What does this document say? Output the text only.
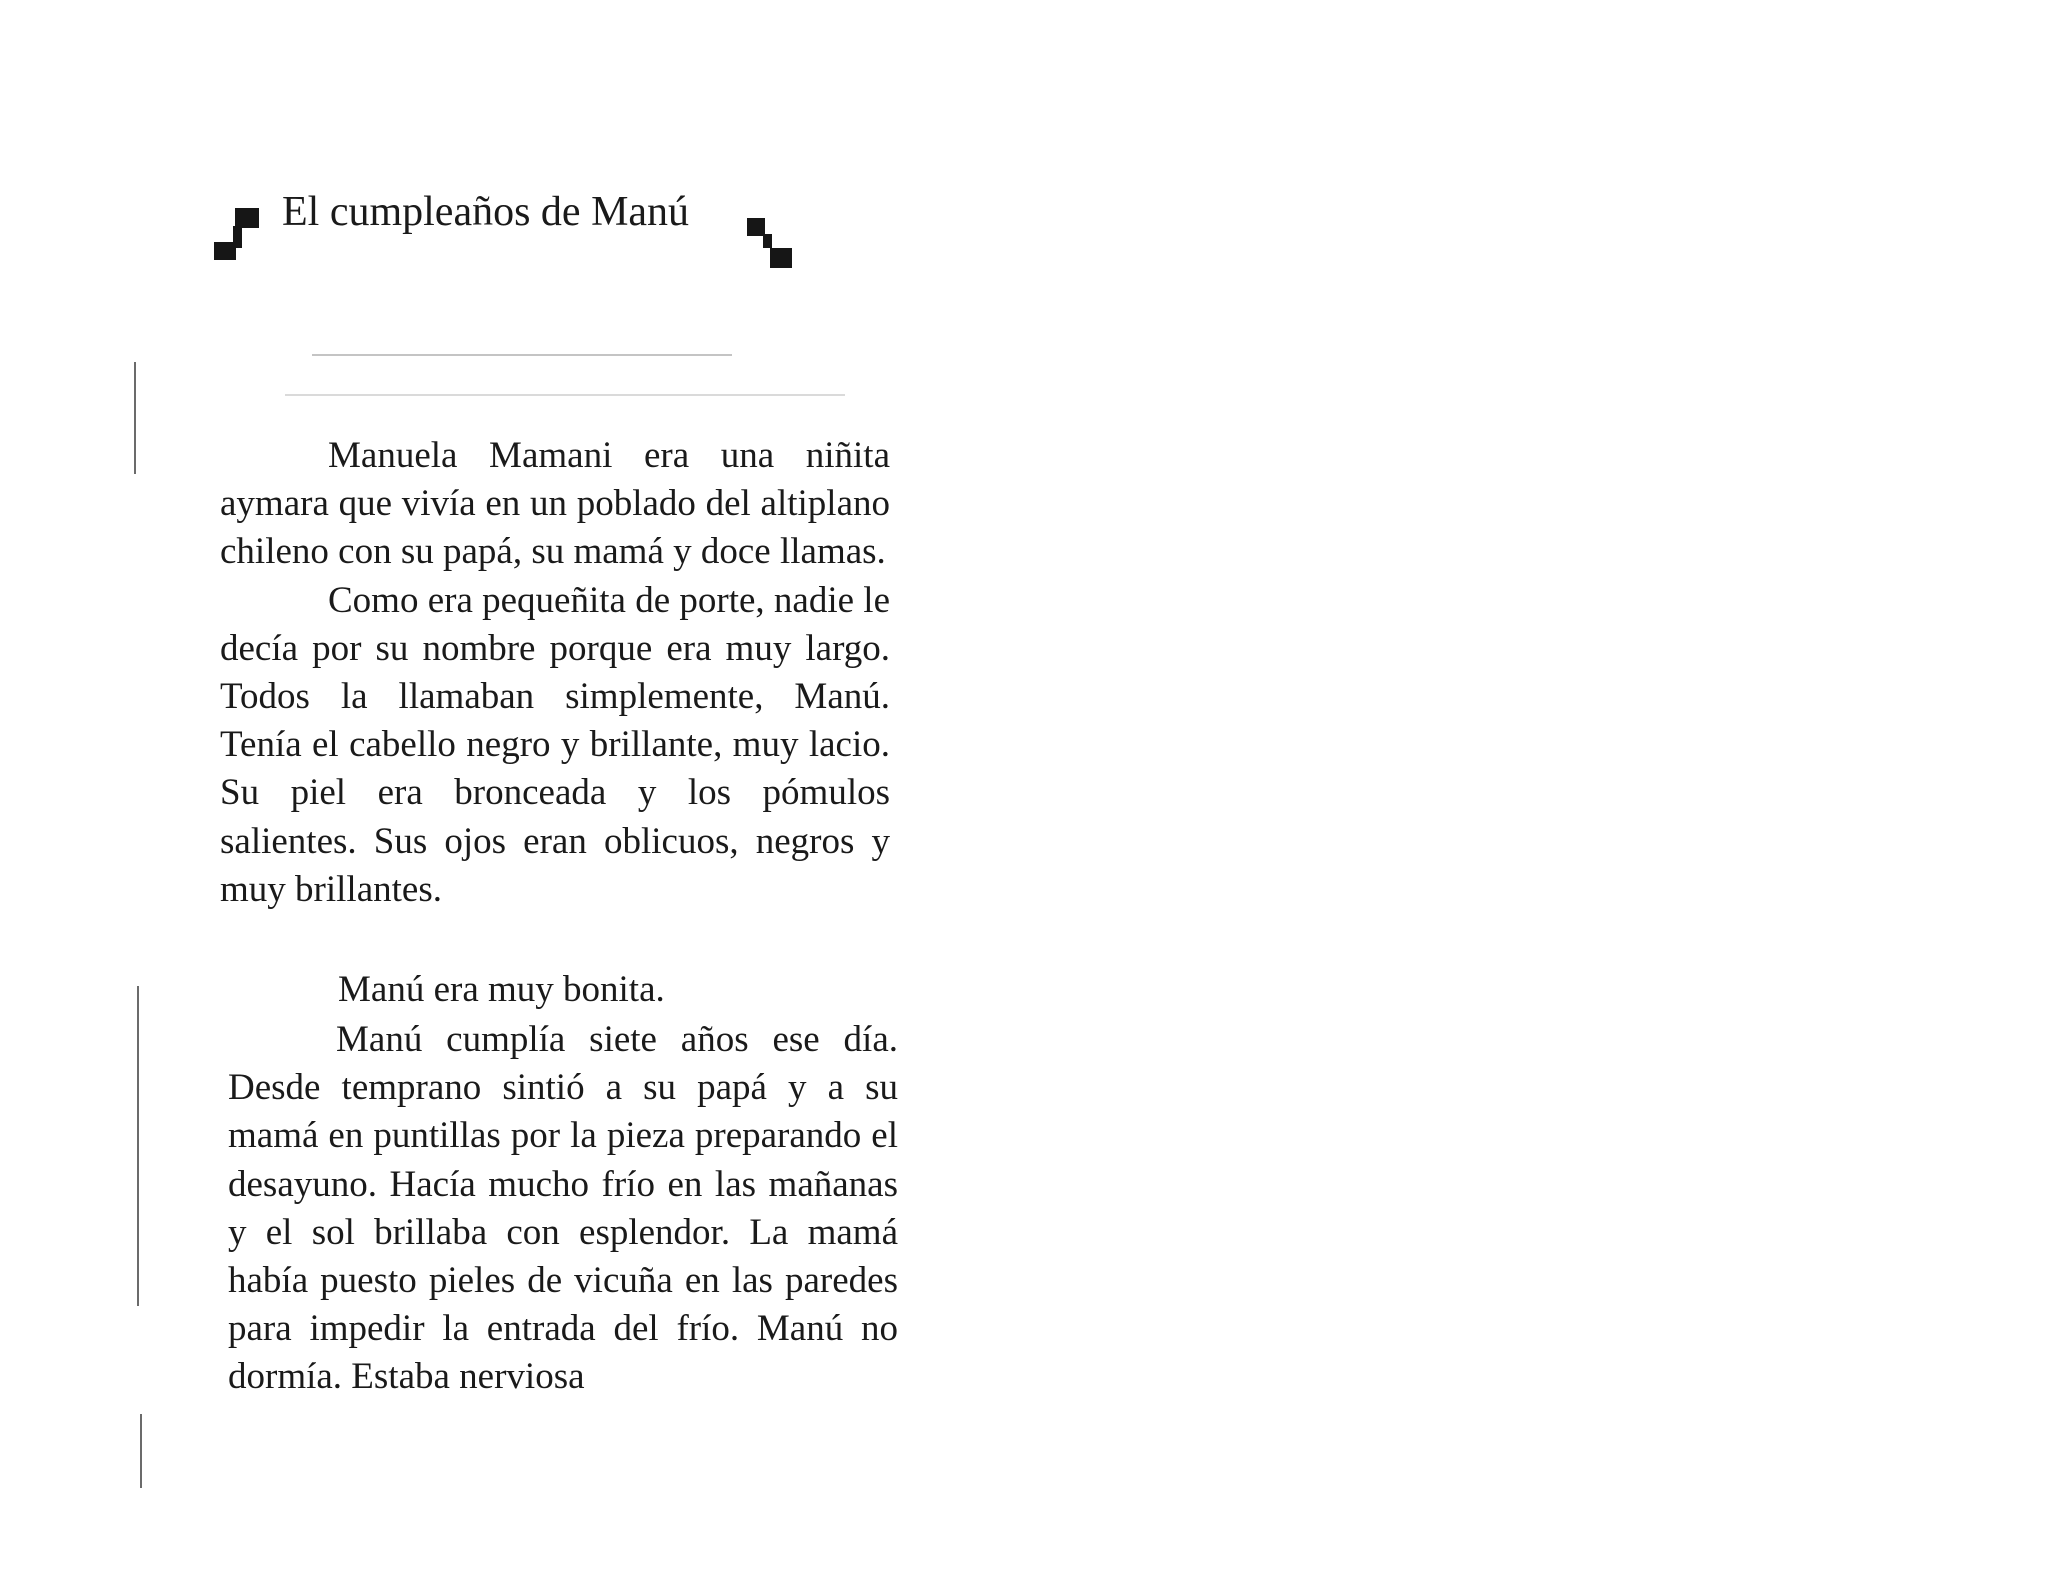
El cumpleaños de Manú

Manuela Mamani era una niñita aymara que vivía en un poblado del altiplano chileno con su papá, su mamá y doce llamas.

Como era pequeñita de porte, nadie le decía por su nombre porque era muy largo. Todos la llamaban simplemente, Manú. Tenía el cabello negro y brillante, muy lacio. Su piel era bronceada y los pómulos salientes. Sus ojos eran oblicuos, negros y muy brillantes.

Manú era muy bonita.

Manú cumplía siete años ese día. Desde temprano sintió a su papá y a su mamá en puntillas por la pieza preparando el desayuno. Hacía mucho frío en las mañanas y el sol brillaba con esplendor. La mamá había puesto pieles de vicuña en las paredes para impedir la entrada del frío. Manú no dormía. Estaba nerviosa
